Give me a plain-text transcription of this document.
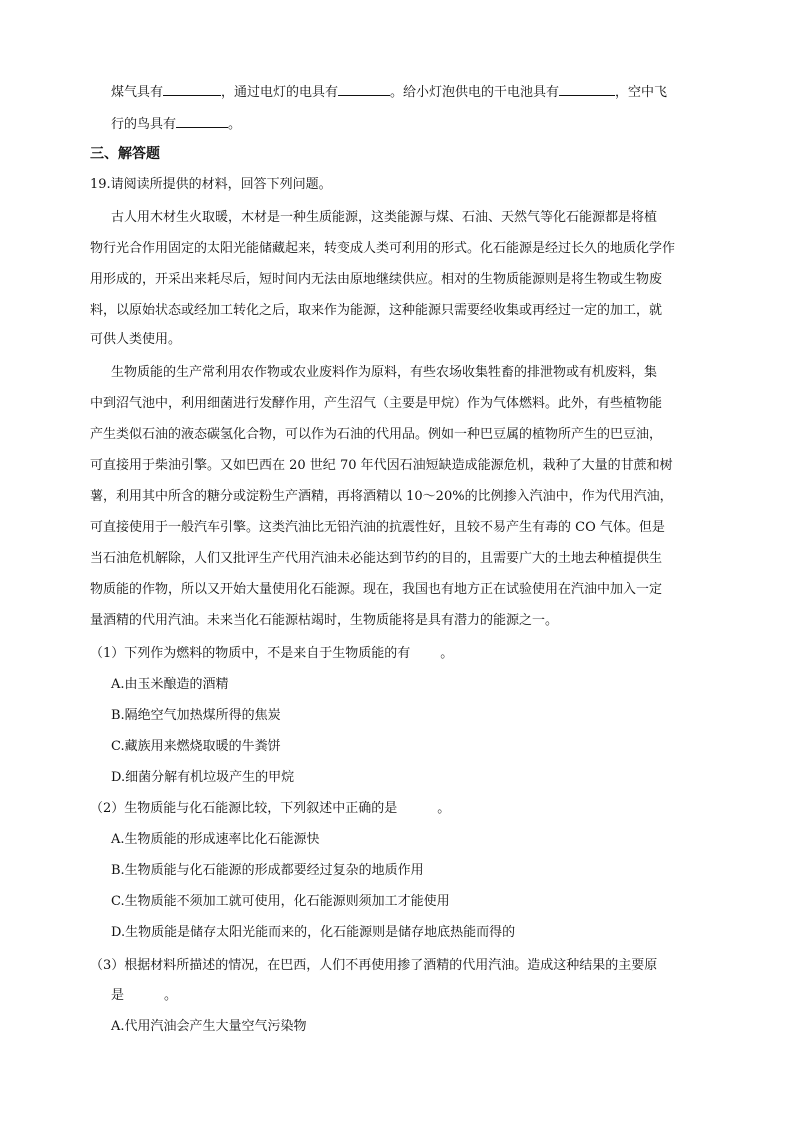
煤气具有	，通过电灯的电具有	。给小灯泡供电的干电池具有	，空中飞
行的鸟具有	。
三、解答题
19.请阅读所提供的材料，回答下列问题。
古人用木材生火取暖，木材是一种生质能源，这类能源与煤、石油、天然气等化石能源都是将植
物行光合作用固定的太阳光能储藏起来，转变成人类可利用的形式。化石能源是经过长久的地质化学作
用形成的，开采出来耗尽后，短时间内无法由原地继续供应。相对的生物质能源则是将生物或生物废
料，以原始状态或经加工转化之后，取来作为能源，这种能源只需要经收集或再经过一定的加工，就
可供人类使用。
生物质能的生产常利用农作物或农业废料作为原料，有些农场收集牲畜的排泄物或有机废料，集
中到沼气池中，利用细菌进行发酵作用，产生沼气（主要是甲烷）作为气体燃料。此外，有些植物能
产生类似石油的液态碳氢化合物，可以作为石油的代用品。例如一种巴豆属的植物所产生的巴豆油，
可直接用于柴油引擎。又如巴西在 20 世纪 70 年代因石油短缺造成能源危机，栽种了大量的甘蔗和树
薯，利用其中所含的糖分或淀粉生产酒精，再将酒精以 10～20%的比例掺入汽油中，作为代用汽油，
可直接使用于一般汽车引擎。这类汽油比无铅汽油的抗震性好，且较不易产生有毒的 CO 气体。但是
当石油危机解除，人们又批评生产代用汽油未必能达到节约的目的，且需要广大的土地去种植提供生
物质能的作物，所以又开始大量使用化石能源。现在，我国也有地方正在试验使用在汽油中加入一定
量酒精的代用汽油。未来当化石能源枯竭时，生物质能将是具有潜力的能源之一。
（1）下列作为燃料的物质中，不是来自于生物质能的有 。
A.由玉米酿造的酒精
B.隔绝空气加热煤所得的焦炭
C.藏族用来燃烧取暖的牛粪饼
D.细菌分解有机垃圾产生的甲烷
（2）生物质能与化石能源比较，下列叙述中正确的是	。
A.生物质能的形成速率比化石能源快
B.生物质能与化石能源的形成都要经过复杂的地质作用
C.生物质能不须加工就可使用，化石能源则须加工才能使用
D.生物质能是储存太阳光能而来的，化石能源则是储存地底热能而得的
（3）根据材料所描述的情况，在巴西，人们不再使用掺了酒精的代用汽油。造成这种结果的主要原
是	。
A.代用汽油会产生大量空气污染物
